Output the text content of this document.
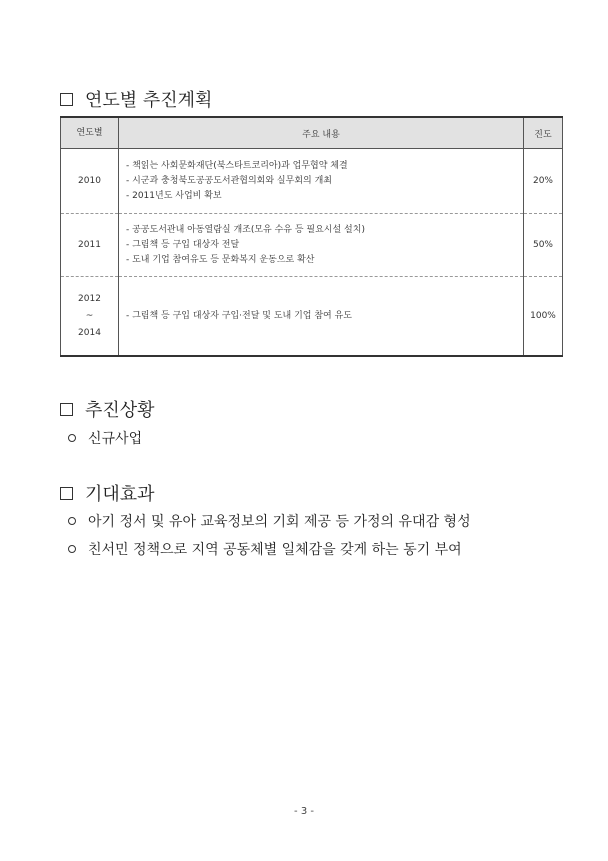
연도별 추진계획
연도별	주요 내용	진도

2010	- 책읽는 사회문화재단(북스타트코리아)과 업무협약 체결
- 시군과 충청북도공공도서관협의회와 실무회의 개최
- 2011년도 사업비 확보	20%

2011	- 공공도서관내 아동열람실 개조(모유 수유 등 필요시설 설치)
- 그림책 등 구입 대상자 전달
- 도내 기업 참여유도 등 문화복지 운동으로 확산	50%

2012
~
2014	- 그림책 등 구입 대상자 구입·전달 및 도내 기업 참여 유도	100%
추진상황
신규사업
기대효과
아기 정서 및 유아 교육정보의 기회 제공 등 가정의 유대감 형성
친서민 정책으로 지역 공동체별 일체감을 갖게 하는 동기 부여
- 3 -
